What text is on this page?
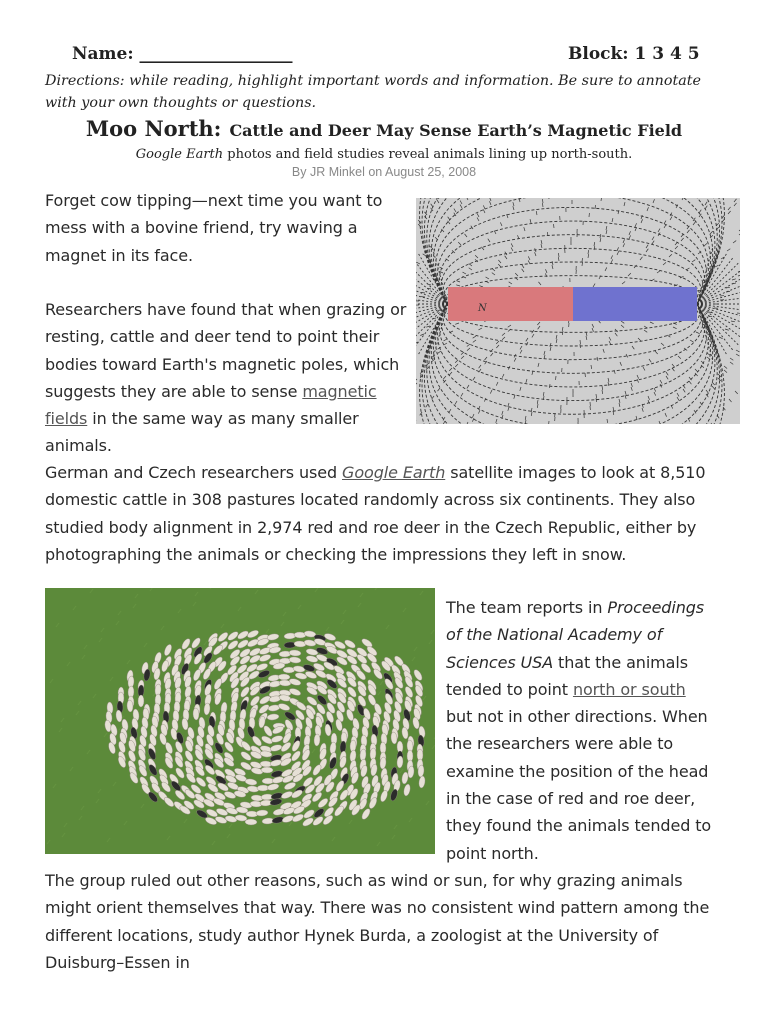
Name: __________________	Block: 1 3 4 5
Directions: while reading, highlight important words and information. Be sure to annotate with your own thoughts or questions.
Moo North: Cattle and Deer May Sense Earth’s Magnetic Field
Google Earth photos and field studies reveal animals lining up north-south.
By JR Minkel on August 25, 2008
Forget cow tipping—next time you want to mess with a bovine friend, try waving a magnet in its face.
Researchers have found that when grazing or resting, cattle and deer tend to point their bodies toward Earth's magnetic poles, which suggests they are able to sense magnetic fields in the same way as many smaller animals.
N
German and Czech researchers used Google Earth satellite images to look at 8,510 domestic cattle in 308 pastures located randomly across six continents. They also studied body alignment in 2,974 red and roe deer in the Czech Republic, either by photographing the animals or checking the impressions they left in snow.
The team reports in Proceedings of the National Academy of Sciences USA that the animals tended to point north or south but not in other directions. When the researchers were able to examine the position of the head in the case of red and roe deer, they found the animals tended to point north.
The group ruled out other reasons, such as wind or sun, for why grazing animals might orient themselves that way. There was no consistent wind pattern among the different locations, study author Hynek Burda, a zoologist at the University of Duisburg–Essen in
